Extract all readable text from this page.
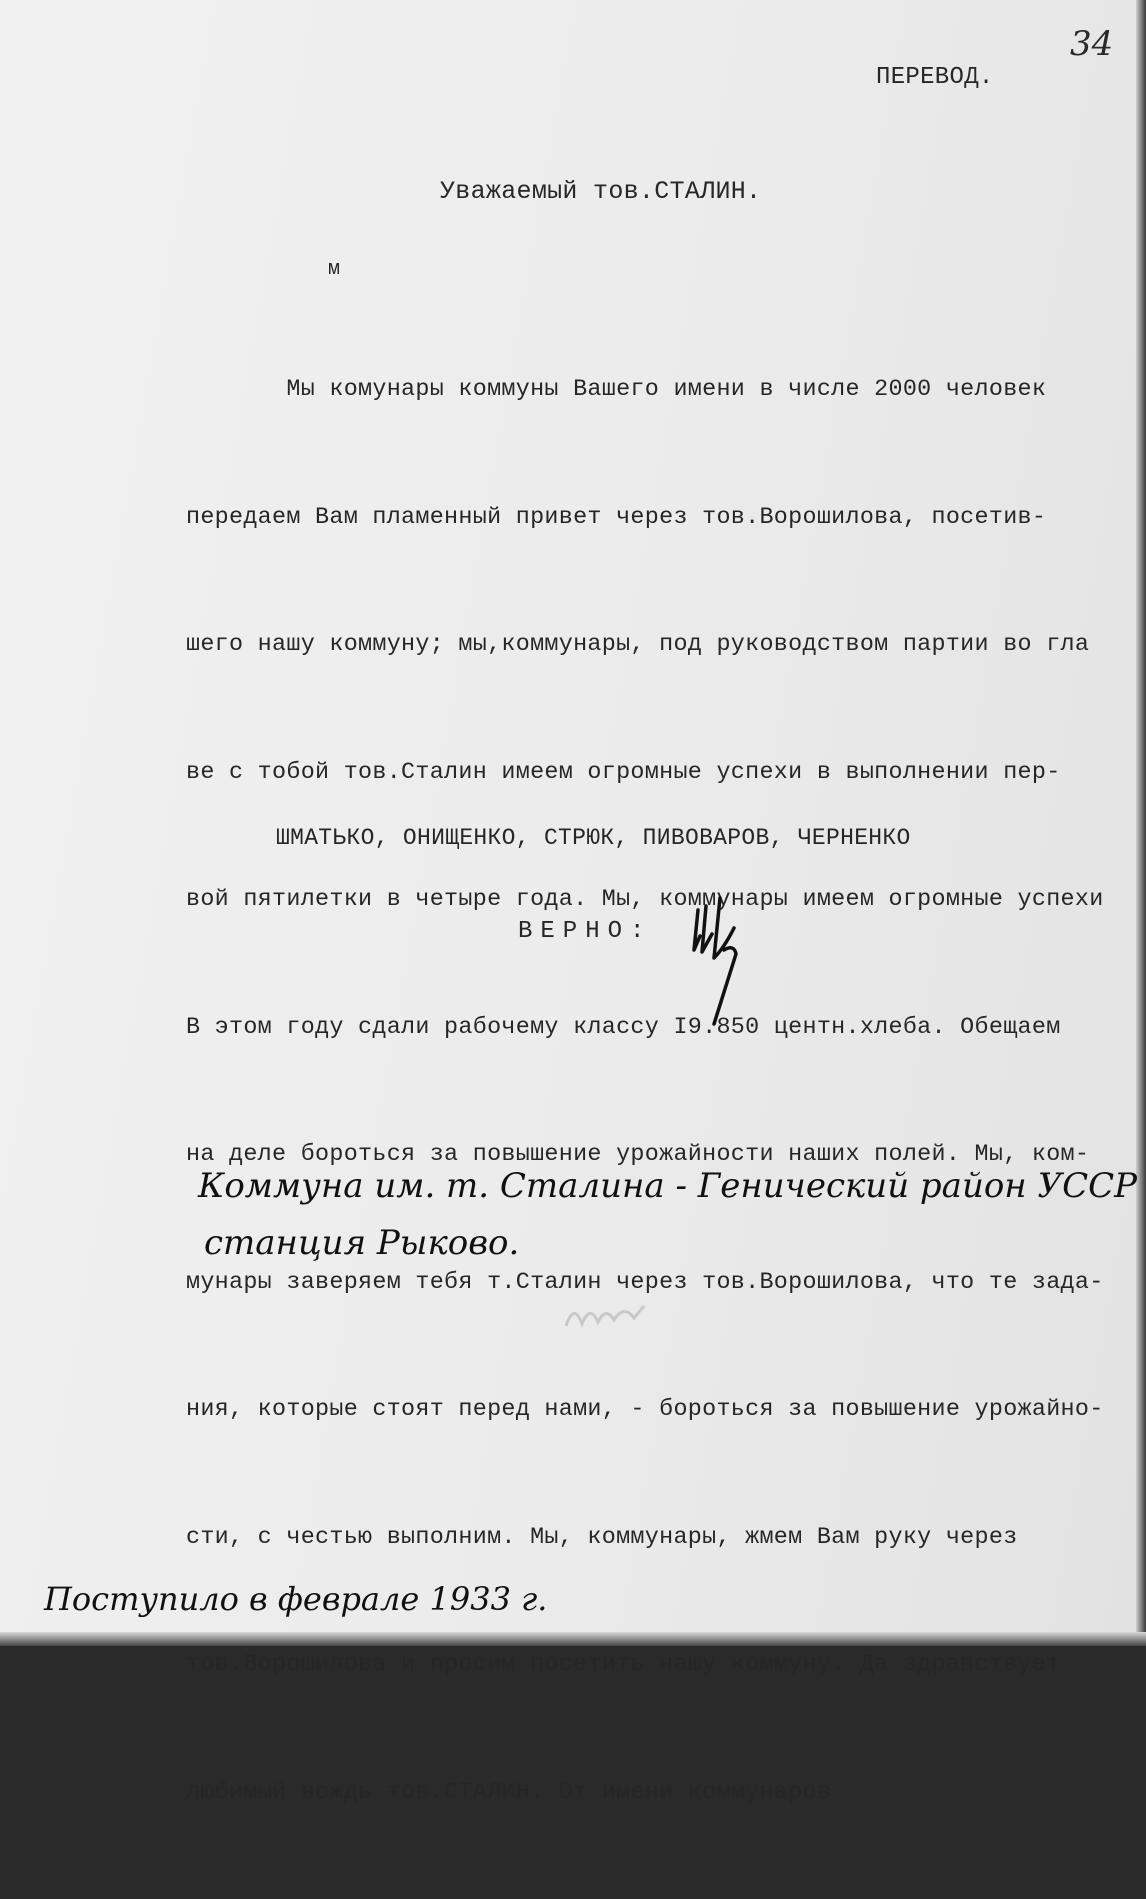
34
ПЕРЕВОД.
Уважаемый тов.СТАЛИН.
м

Мы комунары коммуны Вашего имени в числе 2000 человек

передаем Вам пламенный привет через тов.Ворошилова, посетив-

шего нашу коммуну; мы,коммунары, под руководством партии во гла

ве с тобой тов.Сталин имеем огромные успехи в выполнении пер-

вой пятилетки в четыре года. Мы, коммунары имеем огромные успехи

В этом году сдали рабочему классу I9.850 центн.хлеба. Обещаем

на деле бороться за повышение урожайности наших полей. Мы, ком-

мунары заверяем тебя т.Сталин через тов.Ворошилова, что те зада-

ния, которые стоят перед нами, - бороться за повышение урожайно-

сти, с честью выполним. Мы, коммунары, жмем Вам руку через

тов.Ворошилова и просим посетить нашу коммуну. Да здравствует

любимый вождь тов.СТАЛИН. От имени коммунаров

ШМАТЬКО, ОНИЩЕНКО, СТРЮК, ПИВОВАРОВ, ЧЕРНЕНКО
ВЕРНО:
Коммуна им. т. Сталина - Генический район УССР
станция Рыково.
Поступило в феврале 1933 г.
